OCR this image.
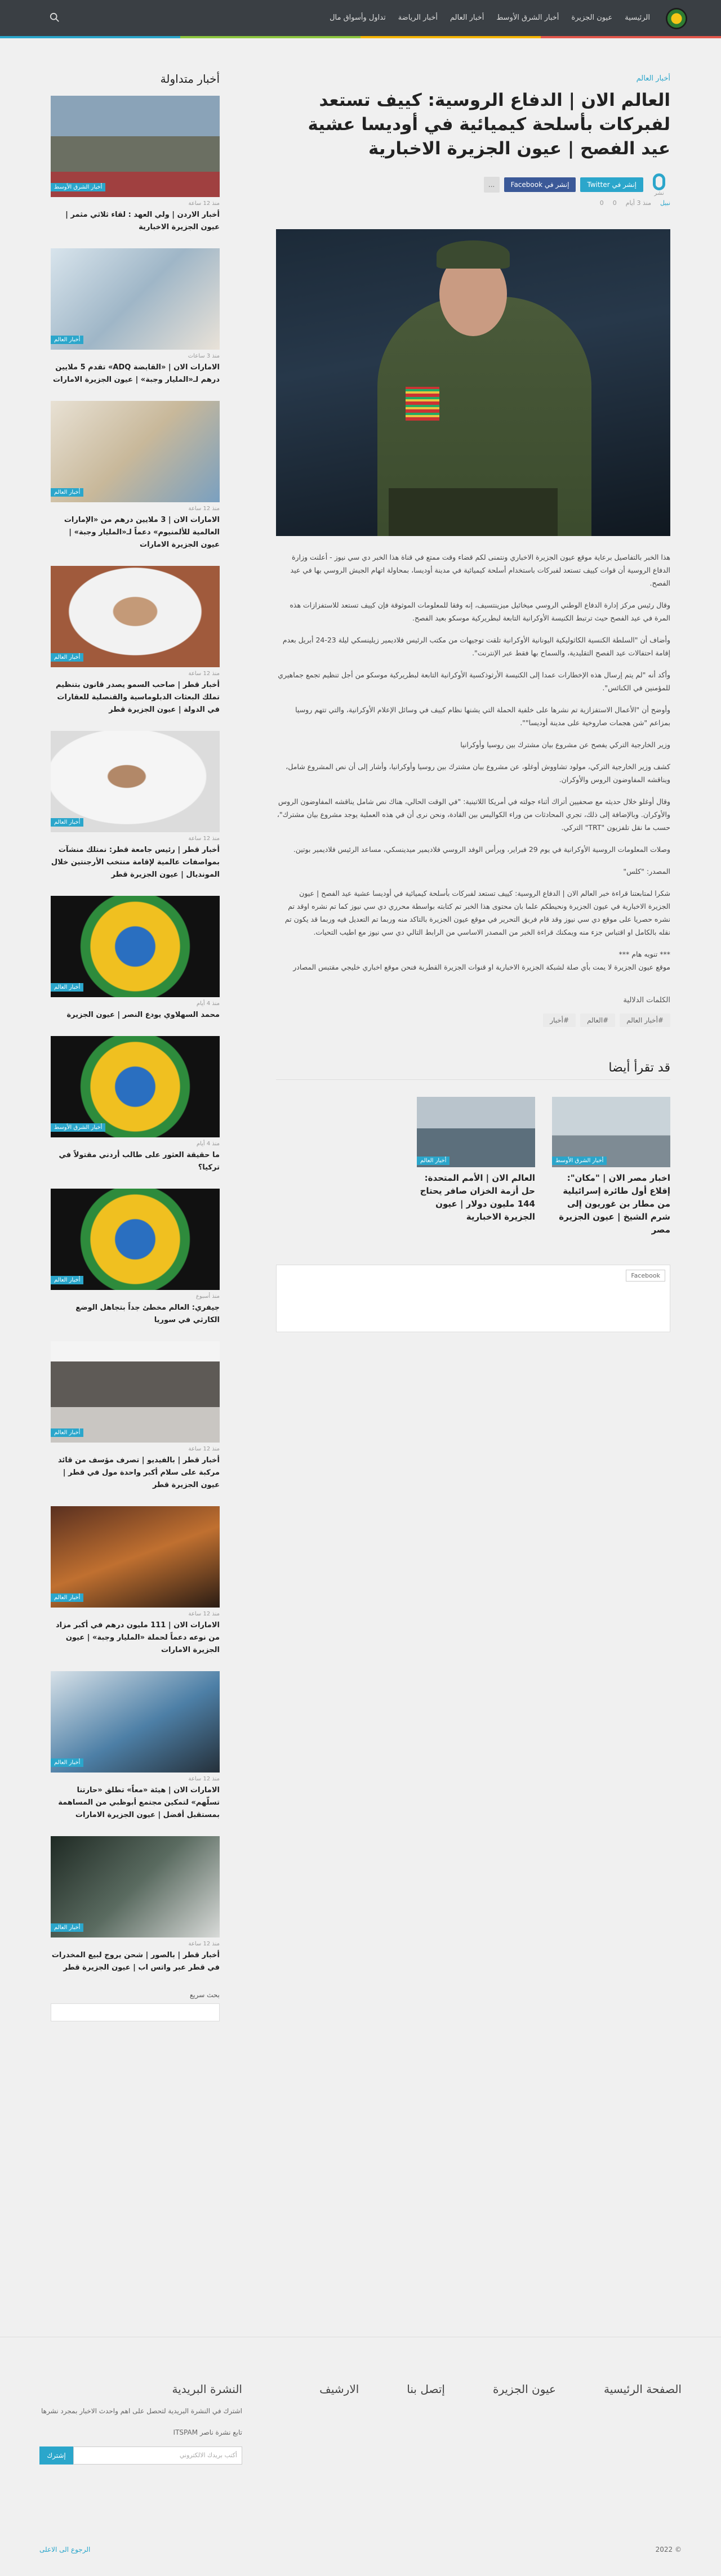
الرئيسية
عيون الجزيرة
أخبار الشرق الأوسط
أخبار العالم
أخبار الرياضة
تداول وأسواق مال
أخبار العالم
العالم الان | الدفاع الروسية: كييف تستعد لفبركات بأسلحة كيميائية في أوديسا عشية عيد الفصح | عيون الجزيرة الاخبارية
نشر
إنشر في Twitter
إنشر في Facebook
...
نبيل
منذ 3 أيام
0
0

هذا الخبر بالتفاصيل برعاية موقع عيون الجزيرة الاخباري ونتمنى لكم قضاء وقت ممتع في قناة هذا الخبر دي سي نيوز - أعلنت وزارة الدفاع الروسية أن قوات كييف تستعد لفبركات باستخدام أسلحة كيميائية في مدينة أوديسا، بمحاولة اتهام الجيش الروسي بها في عيد الفصح.

وقال رئيس مركز إدارة الدفاع الوطني الروسي ميخائيل ميزينتسيف، إنه وفقا للمعلومات الموثوقة فإن كييف تستعد للاستفزازات هذه المرة في عيد الفصح حيث ترتبط الكنيسة الأوكرانية التابعة لبطريركية موسكو بعيد الفصح.

وأضاف أن "السلطة الكنسية الكاثوليكية اليونانية الأوكرانية تلقت توجيهات من مكتب الرئيس فلاديمير زيلينسكي ليلة 23-24 أبريل بعدم إقامة احتفالات عيد الفصح التقليدية، والسماح بها فقط عبر الإنترنت".

وأكد أنه "لم يتم إرسال هذه الإخطارات عمدا إلى الكنيسة الأرثوذكسية الأوكرانية التابعة لبطريركية موسكو من أجل تنظيم تجمع جماهيري للمؤمنين في الكنائس".

وأوضح أن "الأعمال الاستفزازية تم نشرها على خلفية الحملة التي يشنها نظام كييف في وسائل الإعلام الأوكرانية، والتي تتهم روسيا بمزاعم "شن هجمات صاروخية على مدينة أوديسا"".

وزير الخارجية التركي يفصح عن مشروع بيان مشترك بين روسيا وأوكرانيا

كشف وزير الخارجية التركي، مولود تشاووش أوغلو، عن مشروع بيان مشترك بين روسيا وأوكرانيا، وأشار إلى أن نص المشروع شامل، ويناقشه المفاوضون الروس والأوكران.

وقال أوغلو خلال حديثه مع صحفيين أتراك أثناء جولته في أمريكا اللاتينية: "في الوقت الحالي، هناك نص شامل يناقشه المفاوضون الروس والأوكران. وبالإضافة إلى ذلك، تجري المحادثات من وراء الكواليس بين القادة، ونحن نرى أن في هذه العملية يوجد مشروع بيان مشترك"، حسب ما نقل تلفزيون "TRT" التركي.

وصلات المعلومات الروسية الأوكرانية في يوم 29 فبراير، ويرأس الوفد الروسي فلاديمير ميدينسكي، مساعد الرئيس فلاديمير بوتين.

المصدر: "كلس"

شكرا لمتابعتنا قراءة خبر العالم الان | الدفاع الروسية: كييف تستعد لفبركات بأسلحة كيميائية في أوديسا عشية عيد الفصح | عيون الجزيرة الاخبارية في عيون الجزيرة ونحيطكم علما بان محتوى هذا الخبر تم كتابته بواسطة محرري دي سي نيوز كما تم نشره اوقد تم نشره حصريا على موقع دي سي نيوز وقد قام فريق التحرير في موقع عيون الجزيرة بالتاكد منه وربما تم التعديل فيه وربما قد يكون تم نقله بالكامل او اقتباس جزء منه ويمكنك قراءة الخبر من المصدر الاساسي من الرابط التالي دي سي نيوز مع اطيب التحيات.

*** تنويه هام ***
موقع عيون الجزيرة لا يمت بأي صلة لشبكة الجزيرة الاخبارية او قنوات الجزيرة القطرية فنحن موقع اخباري خليجي مقتبس المصادر

الكلمات الدلالية
#أخبار العالم
#العالم
#أخبار
قد تقرأ أيضا
أخبار الشرق الأوسط
اخبار مصر الان | "مكان": إقلاع أول طائرة إسرائيلية من مطار بن غوريون إلى شرم الشيخ | عيون الجزيرة مصر
أخبار العالم
العالم الان | الأمم المتحدة: حل أزمة الخزان صافر يحتاج 144 مليون دولار | عيون الجزيرة الاخبارية
Facebook
أخبار متداولة
أخبار الشرق الأوسط
منذ 12 ساعة
أخبار الاردن | ولي العهد : لقاء ثلاثي مثمر | عيون الجزيرة الاخبارية
أخبار العالم
منذ 3 ساعات
الامارات الان | «القابضة ADQ» تقدم 5 ملايين درهم لـ«المليار وجبة» | عيون الجزيرة الامارات
أخبار العالم
منذ 12 ساعة
الامارات الان | 3 ملايين درهم من «الإمارات العالمية للألمنيوم» دعماً لـ«المليار وجبة» | عيون الجزيرة الامارات
أخبار العالم
منذ 12 ساعة
أخبار قطر | صاحب السمو يصدر قانون بتنظيم تملك البعثات الدبلوماسية والقنصلية للعقارات في الدولة | عيون الجزيرة قطر
أخبار العالم
منذ 12 ساعة
أخبار قطر | رئيس جامعة قطر: نمتلك منشآت بمواصفات عالمية لإقامة منتخب الأرجنتين خلال المونديال | عيون الجزيرة قطر
أخبار العالم
منذ 4 أيام
محمد السهلاوي يودع النصر | عيون الجزيرة
أخبار الشرق الأوسط
منذ 4 أيام
ما حقيقة العثور على طالب أردني مقتولاً في تركيا؟
أخبار العالم
منذ أسبوع
جيفري: العالم مخطئ جداً بتجاهل الوضع الكارثي في سوريا
أخبار العالم
منذ 12 ساعة
أخبار قطر | بالفيديو | تصرف مؤسف من قائد مركبة على سلام أكبر واحدة مول في قطر | عيون الجزيرة قطر
أخبار العالم
منذ 12 ساعة
الامارات الان | 111 مليون درهم في أكبر مزاد من نوعه دعماً لحملة «المليار وجبة» | عيون الجزيرة الامارات
أخبار العالم
منذ 12 ساعة
الامارات الان | هيئة «معاً» تطلق «حارتنا تسلّهم» لتمكين مجتمع أبوظبي من المساهمة بمستقبل أفضل | عيون الجزيرة الامارات
أخبار العالم
منذ 12 ساعة
أخبار قطر | بالصور | شحن يروج لبيع المخدرات في قطر عبر واتس اب | عيون الجزيرة قطر
بحث سريع
الصفحة الرئيسية
عيون الجزيرة
إتصل بنا
الارشيف
النشرة البريدية

اشترك في النشرة البريدية لتحصل على اهم واحدث الاخبار بمجرد نشرها

تابع نشرة ناصر ITSPAM

أكتب بريدك الالكتروني
إشترك
الرجوع الى الاعلى	© 2022
